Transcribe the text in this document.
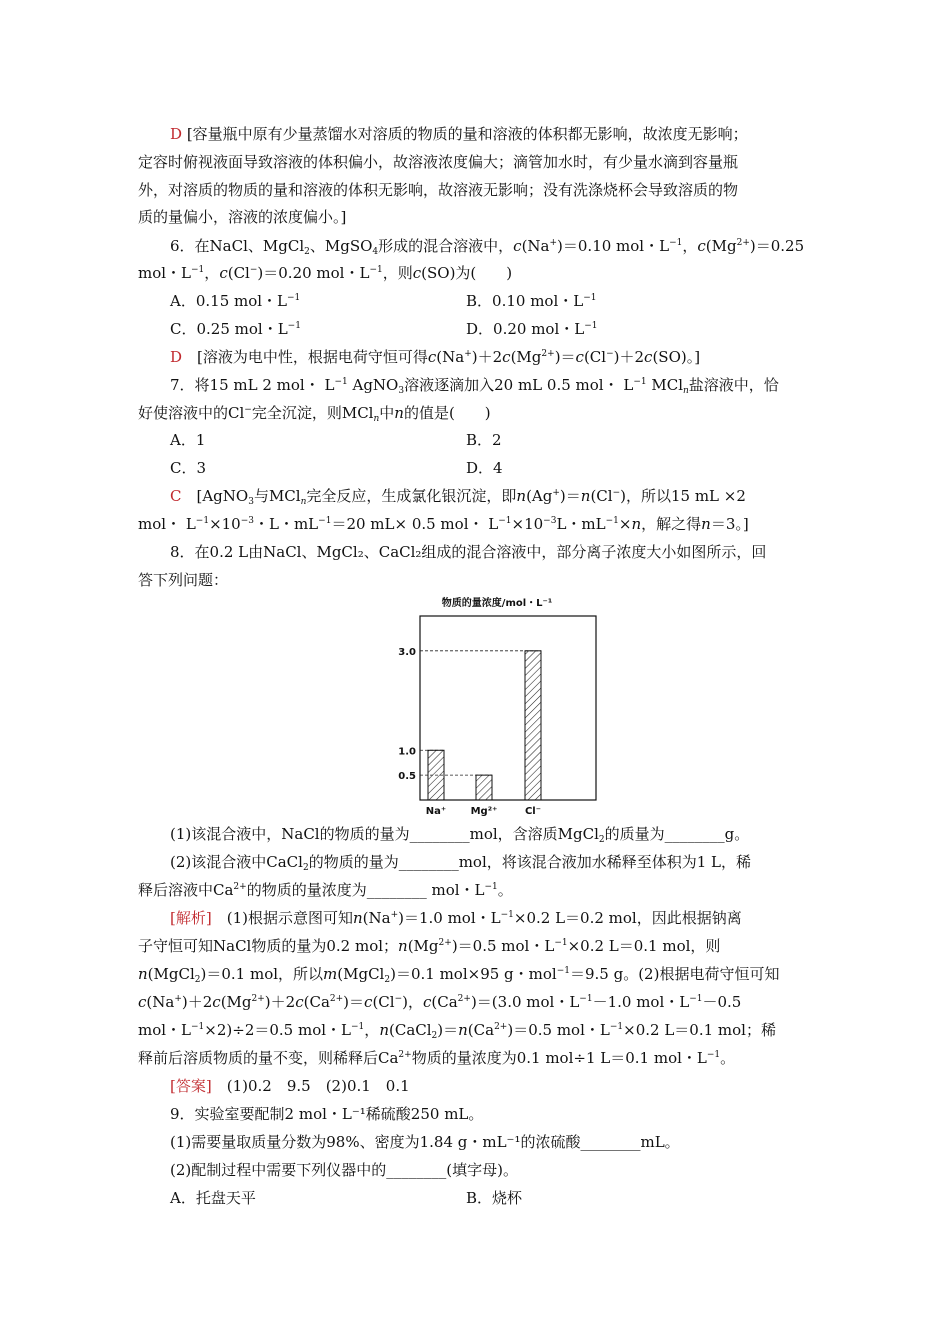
D [容量瓶中原有少量蒸馏水对溶质的物质的量和溶液的体积都无影响，故浓度无影响；
定容时俯视液面导致溶液的体积偏小，故溶液浓度偏大；滴管加水时，有少量水滴到容量瓶
外，对溶质的物质的量和溶液的体积无影响，故溶液无影响；没有洗涤烧杯会导致溶质的物
质的量偏小，溶液的浓度偏小。]
6．在NaCl、MgCl$_2$、MgSO$_4$形成的混合溶液中，c(Na+)＝0.10 mol・$L^{-1}$，$c(Mg^{2+})=0.25$
mol・$L^{-1}$，c(Cl−)＝0.20 mol・$L^{-1}$，则c(SO)为(　　)
A．0.15 mol・$L^{-1}$	B．0.10 mol・$L^{-1}$
C．0.25 mol・$L^{-1}$	D．0.20 mol・$L^{-1}$
D　[溶液为电中性，根据电荷守恒可得$c(Na^+)+2c(Mg^{2+})=c(Cl^-)+2c(SO)$。]
7．将15 mL 2 mol・ $L^{-1}$ AgNO$_3$溶液逐滴加入20 mL 0.5 mol・ $L^{-1}$ MCl$_n$盐溶液中，恰
好使溶液中的Cl−完全沉淀，则MCl$_n$中n的值是(　　)
A．1	B．2
C．3	D．4
C　[AgNO$_3$与MCl$_n$完全反应，生成氯化银沉淀，即n(Ag+)＝n(Cl−)，所以15 mL ×2
mol・ $L^{-1}\times 10^{-3}$・L・$mL^{-1}=20$ mL× 0.5 mol・ $L^{-1}\times 10^{-3}L$・$mL^{-1}\times n$，解之得n＝3。]
8．在0.2 L由NaCl、MgCl₂、CaCl₂组成的混合溶液中，部分离子浓度大小如图所示，回
答下列问题：
物质的量浓度/mol・L⁻¹
3.0
1.0
0.5
Na⁺ Mg²⁺	Cl⁻
(1)该混合液中，NaCl的物质的量为________mol，含溶质MgCl$_2$的质量为________g。
(2)该混合液中CaCl$_2$的物质的量为________mol，将该混合液加水稀释至体积为1 L，稀
释后溶液中$Ca^{2+}$的物质的量浓度为________ mol・$L^{-1}$。
[解析]　(1)根据示意图可知n(Na+)＝1.0 mol・$L^{-1}\times 0.2$ L＝0.2 mol，因此根据钠离
子守恒可知NaCl物质的量为0.2 mol；$n(Mg^{2+})=0.5$ mol・$L^{-1}\times 0.2$ L＝0.1 mol，则
n(MgCl$_2$)＝0.1 mol，所以m(MgCl$_2$)＝0.1 mol×95 g・mol$^{-1}$＝9.5 g。(2)根据电荷守恒可知
$c(Na^+)+2c(Mg^{2+})+2c(Ca^{2+})=c(Cl^-)$，$c(Ca^{2+})=(3.0$ mol・$L^{-1}-1.0$ mol・$L^{-1}-0.5$
mol・$L^{-1}\times 2)\div 2=0.5$ mol・$L^{-1}$，$n(CaCl_2)=n(Ca^{2+})=0.5$ mol・$L^{-1}\times 0.2$ L＝0.1 mol；稀
释前后溶质物质的量不变，则稀释后$Ca^{2+}$物质的量浓度为0.1 mol÷1 L＝0.1 mol・$L^{-1}$。
[答案]　 (1)0.2　9.5　(2)0.1　0.1
9．实验室要配制2 mol・L⁻¹稀硫酸250 mL。
(1)需要量取质量分数为98%、密度为1.84 g・mL⁻¹的浓硫酸________mL。
(2)配制过程中需要下列仪器中的________(填字母)。
A．托盘天平	B．烧杯
